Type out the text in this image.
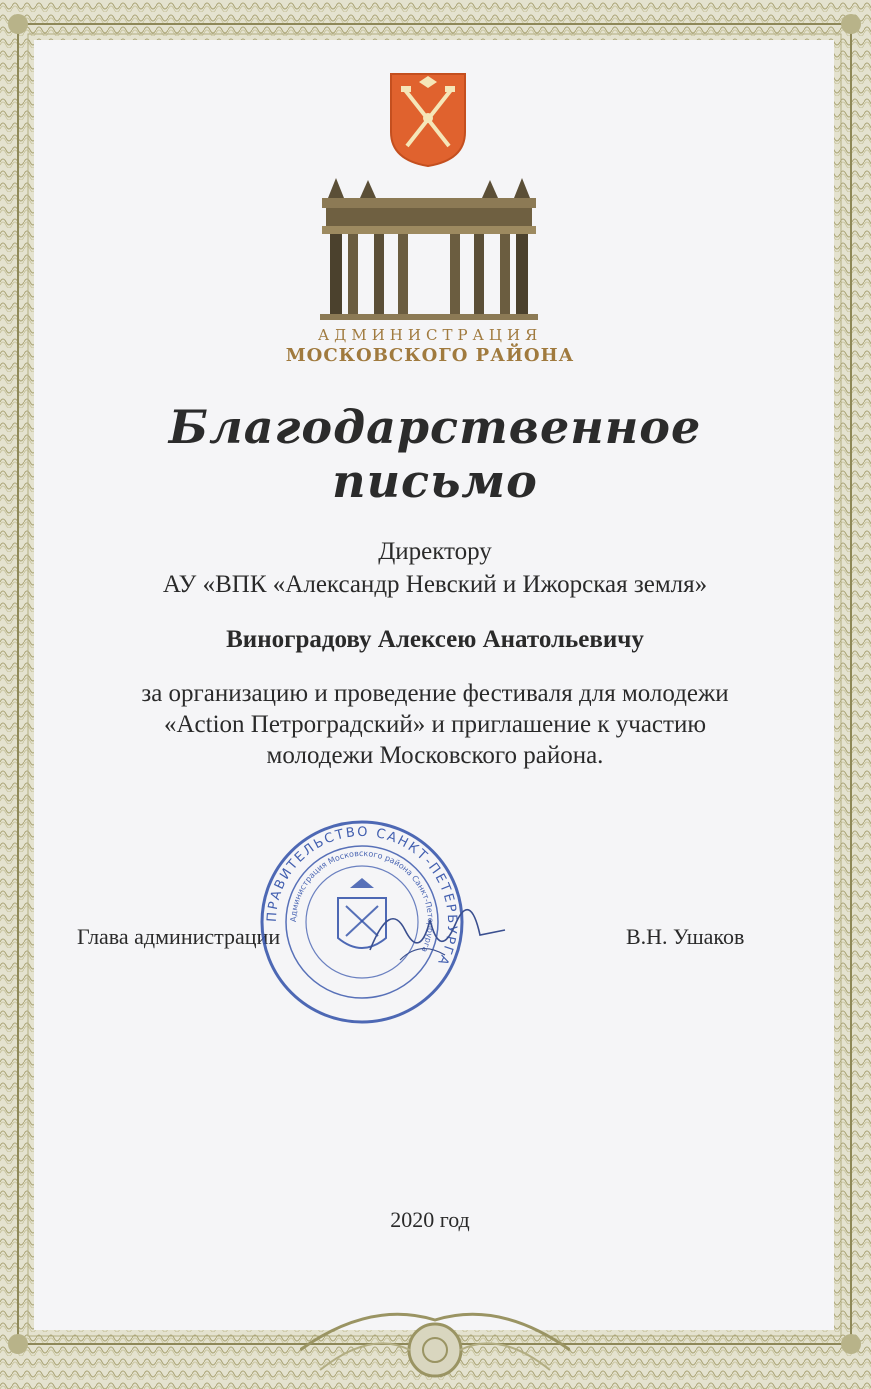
АДМИНИСТРАЦИЯ
МОСКОВСКОГО РАЙОНА
Благодарственное письмо
Директору
АУ «ВПК «Александр Невский и Ижорская земля»
Виноградову Алексею Анатольевичу
за организацию и проведение фестиваля для молодежи
«Action Петроградский» и приглашение к участию
молодежи Московского района.
Глава администрации	В.Н. Ушаков
ПРАВИТЕЛЬСТВО САНКТ-ПЕТЕРБУРГА
Администрация Московского района Санкт-Петербурга
2020 год
